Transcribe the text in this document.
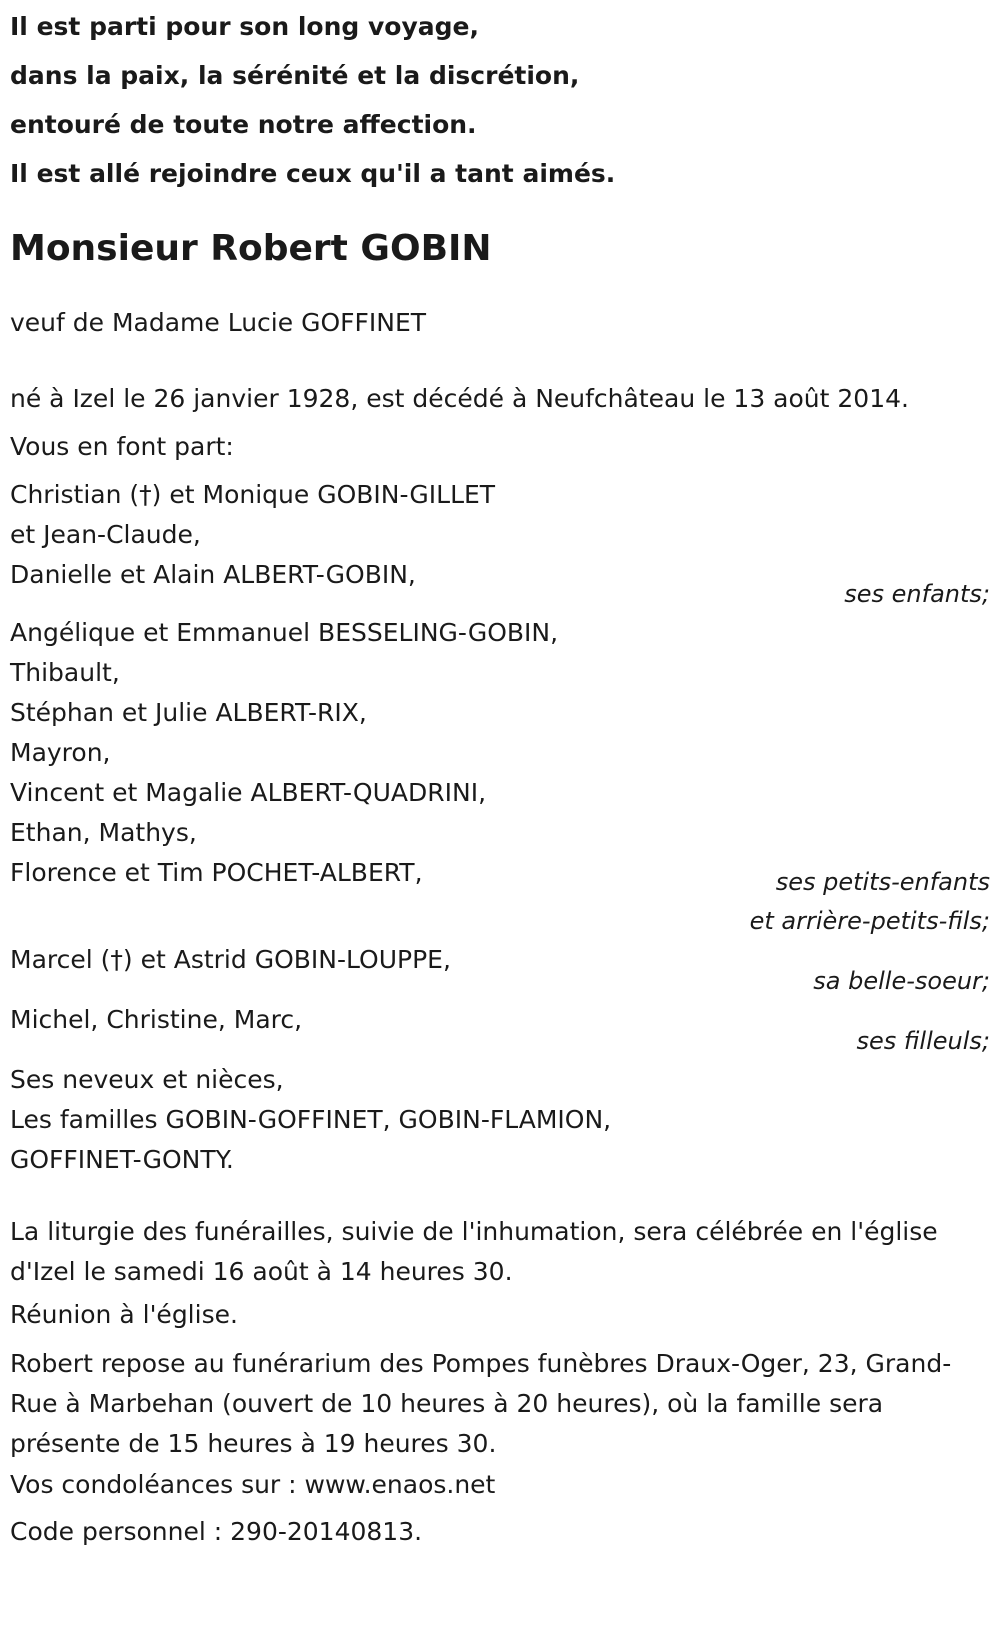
Il est parti pour son long voyage,

dans la paix, la sérénité et la discrétion,

entouré de toute notre affection.

Il est allé rejoindre ceux qu'il a tant aimés.

Monsieur Robert GOBIN

veuf de Madame Lucie GOFFINET

né à Izel le 26 janvier 1928, est décédé à Neufchâteau le 13 août 2014.

Vous en font part:

Christian (†) et Monique GOBIN-GILLET

et Jean-Claude,

Danielle et Alain ALBERT-GOBIN,

ses enfants;

Angélique et Emmanuel BESSELING-GOBIN,

Thibault,

Stéphan et Julie ALBERT-RIX,

Mayron,

Vincent et Magalie ALBERT-QUADRINI,

Ethan, Mathys,

Florence et Tim POCHET-ALBERT,	ses petits-enfants

et arrière-petits-fils;

Marcel (†) et Astrid GOBIN-LOUPPE,

sa belle-soeur;

Michel, Christine, Marc,

ses filleuls;

Ses neveux et nièces,

Les familles GOBIN-GOFFINET, GOBIN-FLAMION,

GOFFINET-GONTY.

La liturgie des funérailles, suivie de l'inhumation, sera célébrée en l'église d'Izel le samedi 16 août à 14 heures 30.

Réunion à l'église.

Robert repose au funérarium des Pompes funèbres Draux-Oger, 23, Grand-Rue à Marbehan (ouvert de 10 heures à 20 heures), où la famille sera présente de 15 heures à 19 heures 30.

Vos condoléances sur : www.enaos.net

Code personnel : 290-20140813.
